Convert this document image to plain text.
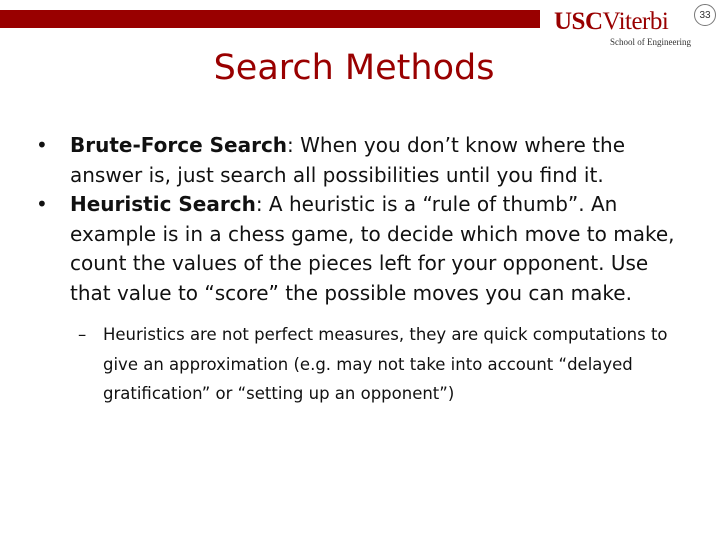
USCViterbi
School of Engineering
33
Search Methods

• Brute-Force Search: When you don’t know where the answer is, just search all possibilities until you find it.

• Heuristic Search: A heuristic is a “rule of thumb”. An example is in a chess game, to decide which move to make, count the values of the pieces left for your opponent. Use that value to “score” the possible moves you can make.

– Heuristics are not perfect measures, they are quick computations to give an approximation (e.g. may not take into account “delayed gratification” or “setting up an opponent”)
